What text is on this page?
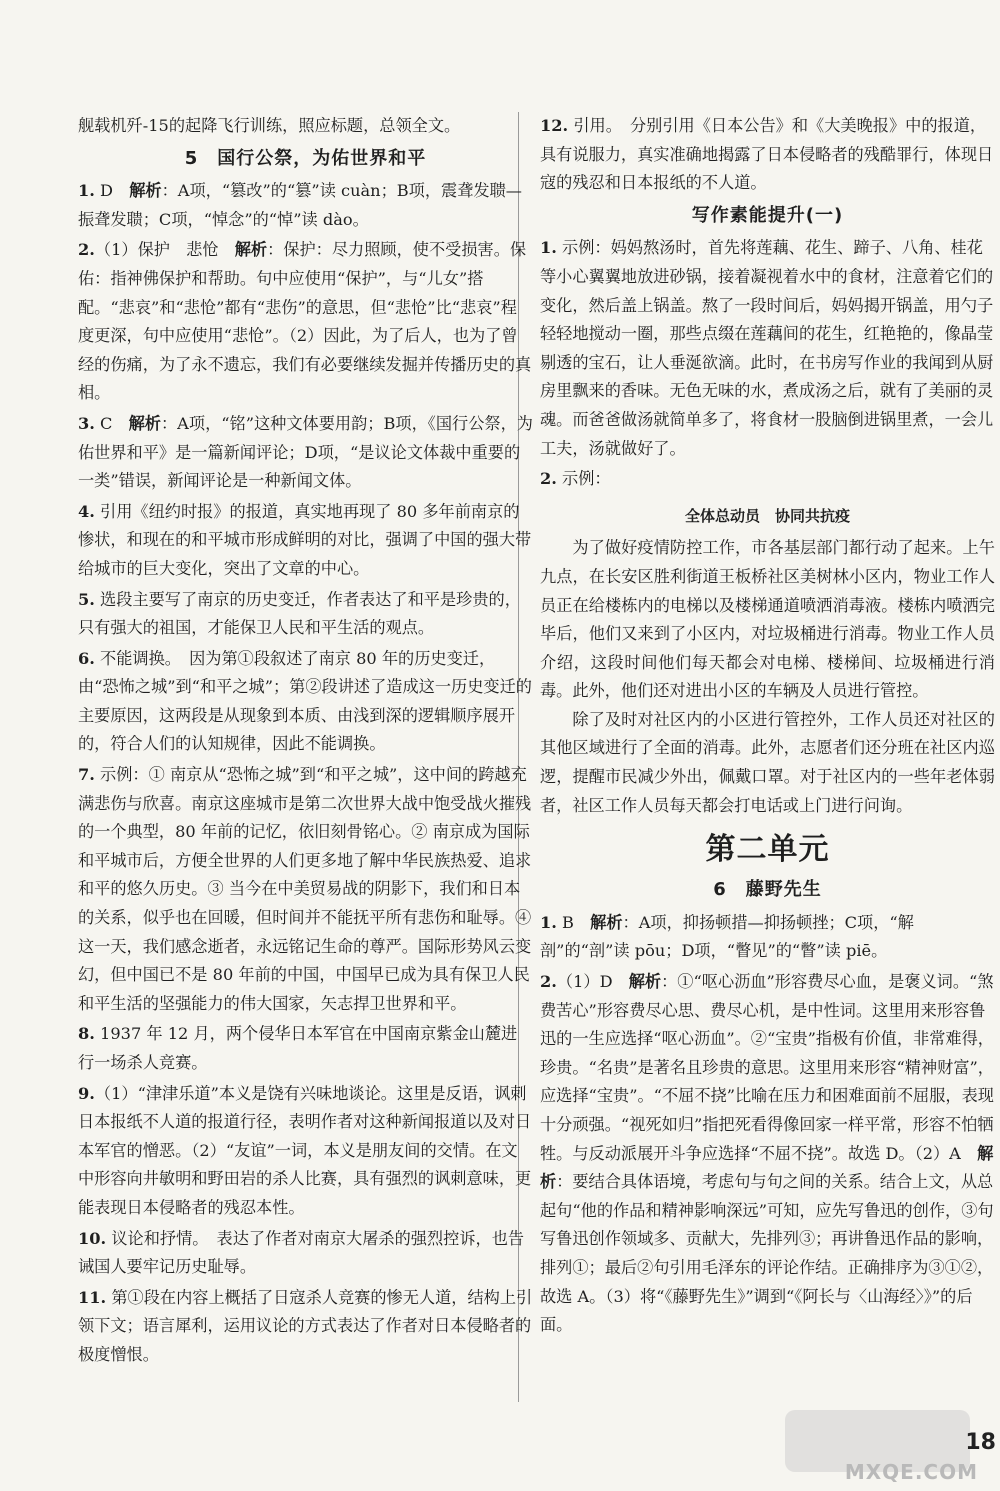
舰载机歼-15的起降飞行训练，照应标题，总领全文。

5　国行公祭，为佑世界和平
1. D　解析：A项，“篡改”的“篡”读 cuàn；B项，震聋发聩—振聋发聩；C项，“悼念”的“悼”读 dào。
2.（1）保护　悲怆　解析：保护：尽力照顾，使不受损害。保佑：指神佛保护和帮助。句中应使用“保护”，与“儿女”搭配。“悲哀”和“悲怆”都有“悲伤”的意思，但“悲怆”比“悲哀”程度更深，句中应使用“悲怆”。（2）因此，为了后人，也为了曾经的伤痛，为了永不遗忘，我们有必要继续发掘并传播历史的真相。
3. C　解析：A项，“铭”这种文体要用韵；B项，《国行公祭，为佑世界和平》是一篇新闻评论；D项，“是议论文体裁中重要的一类”错误，新闻评论是一种新闻文体。
4. 引用《纽约时报》的报道，真实地再现了 80 多年前南京的惨状，和现在的和平城市形成鲜明的对比，强调了中国的强大带给城市的巨大变化，突出了文章的中心。
5. 选段主要写了南京的历史变迁，作者表达了和平是珍贵的，只有强大的祖国，才能保卫人民和平生活的观点。
6. 不能调换。　因为第①段叙述了南京 80 年的历史变迁，由“恐怖之城”到“和平之城”；第②段讲述了造成这一历史变迁的主要原因，这两段是从现象到本质、由浅到深的逻辑顺序展开的，符合人们的认知规律，因此不能调换。
7. 示例：① 南京从“恐怖之城”到“和平之城”，这中间的跨越充满悲伤与欣喜。南京这座城市是第二次世界大战中饱受战火摧残的一个典型，80 年前的记忆，依旧刻骨铭心。② 南京成为国际和平城市后，方便全世界的人们更多地了解中华民族热爱、追求和平的悠久历史。③ 当今在中美贸易战的阴影下，我们和日本的关系，似乎也在回暖，但时间并不能抚平所有悲伤和耻辱。④ 这一天，我们感念逝者，永远铭记生命的尊严。国际形势风云变幻，但中国已不是 80 年前的中国，中国早已成为具有保卫人民和平生活的坚强能力的伟大国家，矢志捍卫世界和平。
8. 1937 年 12 月，两个侵华日本军官在中国南京紫金山麓进行一场杀人竞赛。
9.（1）“津津乐道”本义是饶有兴味地谈论。这里是反语，讽刺日本报纸不人道的报道行径，表明作者对这种新闻报道以及对日本军官的憎恶。（2）“友谊”一词，本义是朋友间的交情。在文中形容向井敏明和野田岩的杀人比赛，具有强烈的讽刺意味，更能表现日本侵略者的残忍本性。
10. 议论和抒情。　表达了作者对南京大屠杀的强烈控诉，也告诫国人要牢记历史耻辱。
11. 第①段在内容上概括了日寇杀人竞赛的惨无人道，结构上引领下文；语言犀利，运用议论的方式表达了作者对日本侵略者的极度憎恨。
12. 引用。　分别引用《日本公告》和《大美晚报》中的报道，具有说服力，真实准确地揭露了日本侵略者的残酷罪行，体现日寇的残忍和日本报纸的不人道。
写作素能提升(一)
1. 示例：妈妈熬汤时，首先将莲藕、花生、蹄子、八角、桂花等小心翼翼地放进砂锅，接着凝视着水中的食材，注意着它们的变化，然后盖上锅盖。熬了一段时间后，妈妈揭开锅盖，用勺子轻轻地搅动一圈，那些点缀在莲藕间的花生，红艳艳的，像晶莹剔透的宝石，让人垂涎欲滴。此时，在书房写作业的我闻到从厨房里飘来的香味。无色无味的水，煮成汤之后，就有了美丽的灵魂。而爸爸做汤就简单多了，将食材一股脑倒进锅里煮，一会儿工夫，汤就做好了。
2. 示例：
全体总动员　协同共抗疫

为了做好疫情防控工作，市各基层部门都行动了起来。上午九点，在长安区胜利街道王板桥社区美树林小区内，物业工作人员正在给楼栋内的电梯以及楼梯通道喷洒消毒液。楼栋内喷洒完毕后，他们又来到了小区内，对垃圾桶进行消毒。物业工作人员介绍，这段时间他们每天都会对电梯、楼梯间、垃圾桶进行消毒。此外，他们还对进出小区的车辆及人员进行管控。

除了及时对社区内的小区进行管控外，工作人员还对社区的其他区域进行了全面的消毒。此外，志愿者们还分班在社区内巡逻，提醒市民减少外出，佩戴口罩。对于社区内的一些年老体弱者，社区工作人员每天都会打电话或上门进行问询。

第二单元
6　藤野先生
1. B　解析：A项，抑扬顿措—抑扬顿挫；C项，“解剖”的“剖”读 pōu；D项，“瞥见”的“瞥”读 piē。
2.（1）D　解析：①“呕心沥血”形容费尽心血，是褒义词。“煞费苦心”形容费尽心思、费尽心机，是中性词。这里用来形容鲁迅的一生应选择“呕心沥血”。②“宝贵”指极有价值，非常难得，珍贵。“名贵”是著名且珍贵的意思。这里用来形容“精神财富”，应选择“宝贵”。“不屈不挠”比喻在压力和困难面前不屈服，表现十分顽强。“视死如归”指把死看得像回家一样平常，形容不怕牺牲。与反动派展开斗争应选择“不屈不挠”。故选 D。（2）A　解析：要结合具体语境，考虑句与句之间的关系。结合上文，从总起句“他的作品和精神影响深远”可知，应先写鲁迅的创作，③句写鲁迅创作领域多、贡献大，先排列③；再讲鲁迅作品的影响，排列①；最后②句引用毛泽东的评论作结。正确排序为③①②，故选 A。（3）将“《藤野先生》”调到“《阿长与〈山海经〉》”的后面。
18
MXQE.COM
